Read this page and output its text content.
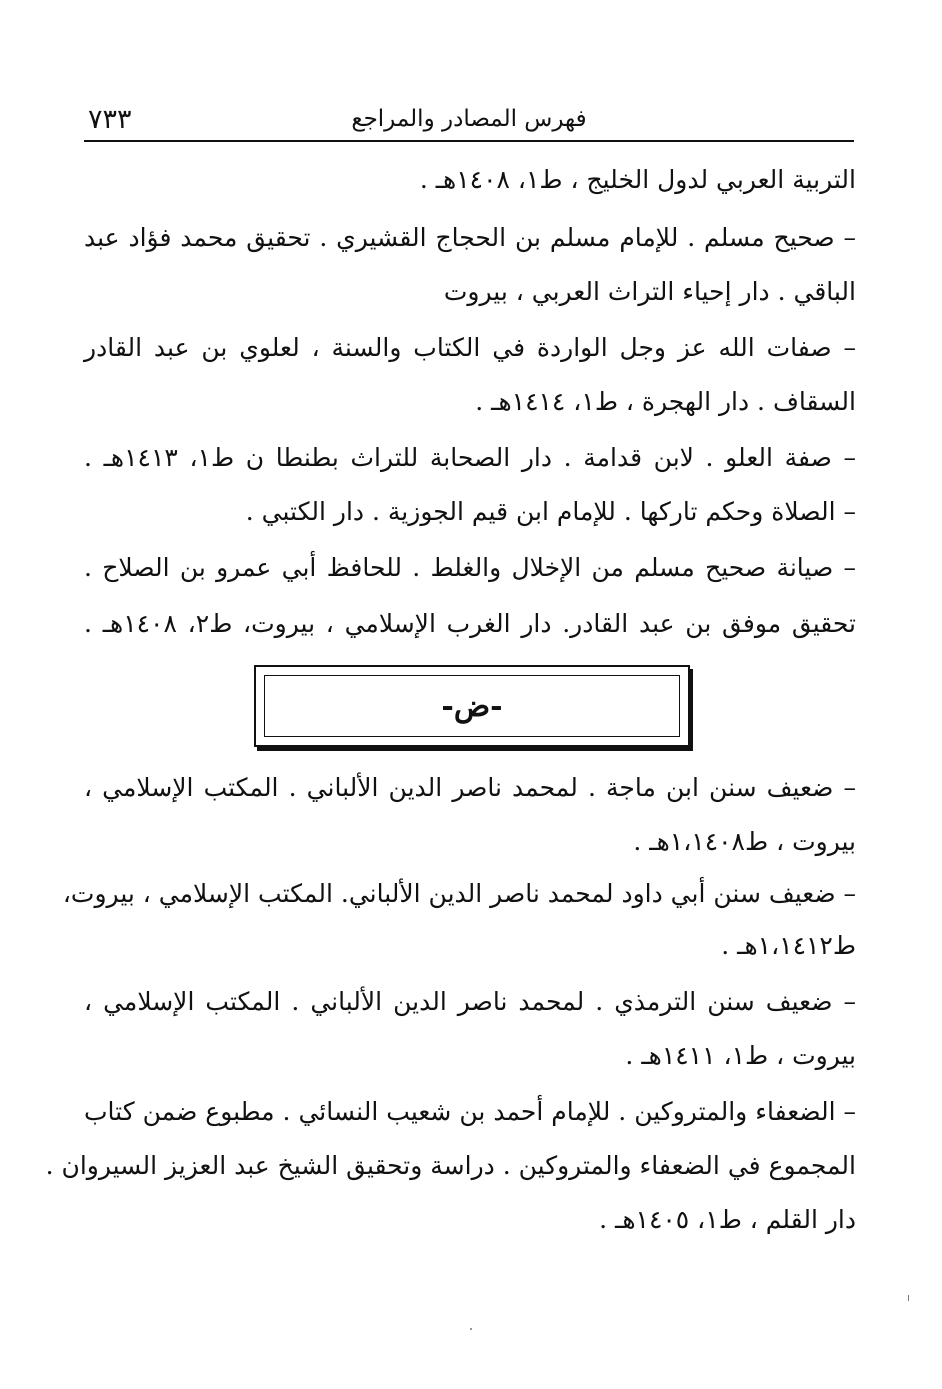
٧٣٣	فهرس المصادر والمراجع
التربية العربي لدول الخليج ، ط١، ١٤٠٨هـ .
– صحيح مسلم . للإمام مسلم بن الحجاج القشيري . تحقيق محمد فؤاد عبد
الباقي . دار إحياء التراث العربي ، بيروت
– صفات الله عز وجل الواردة في الكتاب والسنة ، لعلوي بن عبد القادر
السقاف . دار الهجرة ، ط١، ١٤١٤هـ .
– صفة العلو . لابن قدامة . دار الصحابة للتراث بطنطا ن ط١، ١٤١٣هـ .
– الصلاة وحكم تاركها . للإمام ابن قيم الجوزية . دار الكتبي .
– صيانة صحيح مسلم من الإخلال والغلط . للحافظ أبي عمرو بن الصلاح .
تحقيق موفق بن عبد القادر. دار الغرب الإسلامي ، بيروت، ط٢، ١٤٠٨هـ .
-ض-
– ضعيف سنن ابن ماجة . لمحمد ناصر الدين الألباني . المكتب الإسلامي ،
بيروت ، ط١،١٤٠٨هـ .
– ضعيف سنن أبي داود لمحمد ناصر الدين الألباني. المكتب الإسلامي ، بيروت،
ط١،١٤١٢هـ .
– ضعيف سنن الترمذي . لمحمد ناصر الدين الألباني . المكتب الإسلامي ،
بيروت ، ط١، ١٤١١هـ .
– الضعفاء والمتروكين . للإمام أحمد بن شعيب النسائي . مطبوع ضمن كتاب
المجموع في الضعفاء والمتروكين . دراسة وتحقيق الشيخ عبد العزيز السيروان .
دار القلم ، ط١، ١٤٠٥هـ .
